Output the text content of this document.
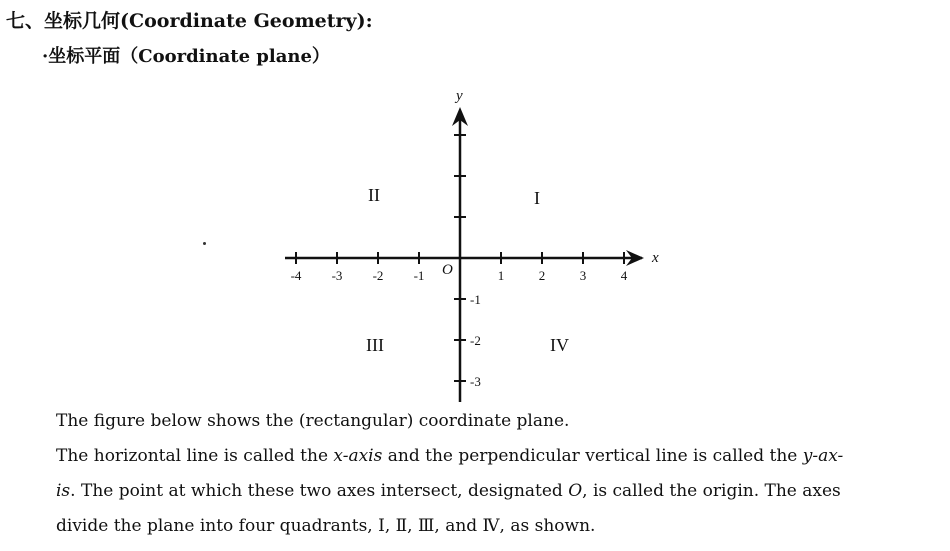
七、坐标几何(Coordinate Geometry):
·坐标平面（Coordinate plane）
-4 -3 -2 -1	1	2	3	4
-1
-2
-3
y
x
O
II	I
III	IV
The figure below shows the (rectangular) coordinate plane.
The horizontal line is called the x-axis and the perpendicular vertical line is called the y-ax-
is. The point at which these two axes intersect, designated O, is called the origin. The axes
divide the plane into four quadrants, Ⅰ, Ⅱ, Ⅲ, and Ⅳ, as shown.
